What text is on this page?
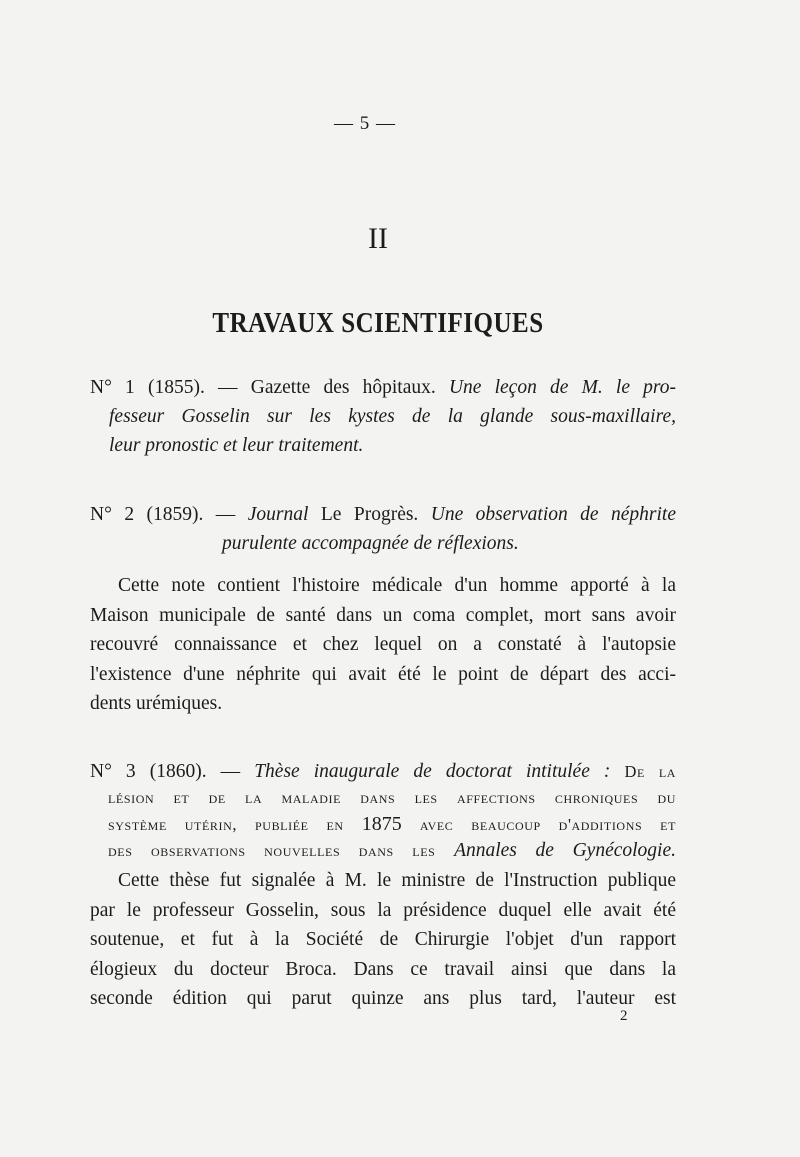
— 5 —
II
TRAVAUX SCIENTIFIQUES
N° 1 (1855). — Gazette des hôpitaux. Une leçon de M. le pro-
fesseur Gosselin sur les kystes de la glande sous-maxillaire,
leur pronostic et leur traitement.
N° 2 (1859). — Journal Le Progrès. Une observation de néphrite
purulente accompagnée de réflexions.
Cette note contient l'histoire médicale d'un homme apporté à la
Maison municipale de santé dans un coma complet, mort sans avoir
recouvré connaissance et chez lequel on a constaté à l'autopsie
l'existence d'une néphrite qui avait été le point de départ des acci-
dents urémiques.
N° 3 (1860). — Thèse inaugurale de doctorat intitulée : De la
lésion et de la maladie dans les affections chroniques du
système utérin, publiée en 1875 avec beaucoup d'additions et
des observations nouvelles dans les Annales de Gynécologie.
Cette thèse fut signalée à M. le ministre de l'Instruction publique
par le professeur Gosselin, sous la présidence duquel elle avait été
soutenue, et fut à la Société de Chirurgie l'objet d'un rapport
élogieux du docteur Broca. Dans ce travail ainsi que dans la
seconde édition qui parut quinze ans plus tard, l'auteur est
2
